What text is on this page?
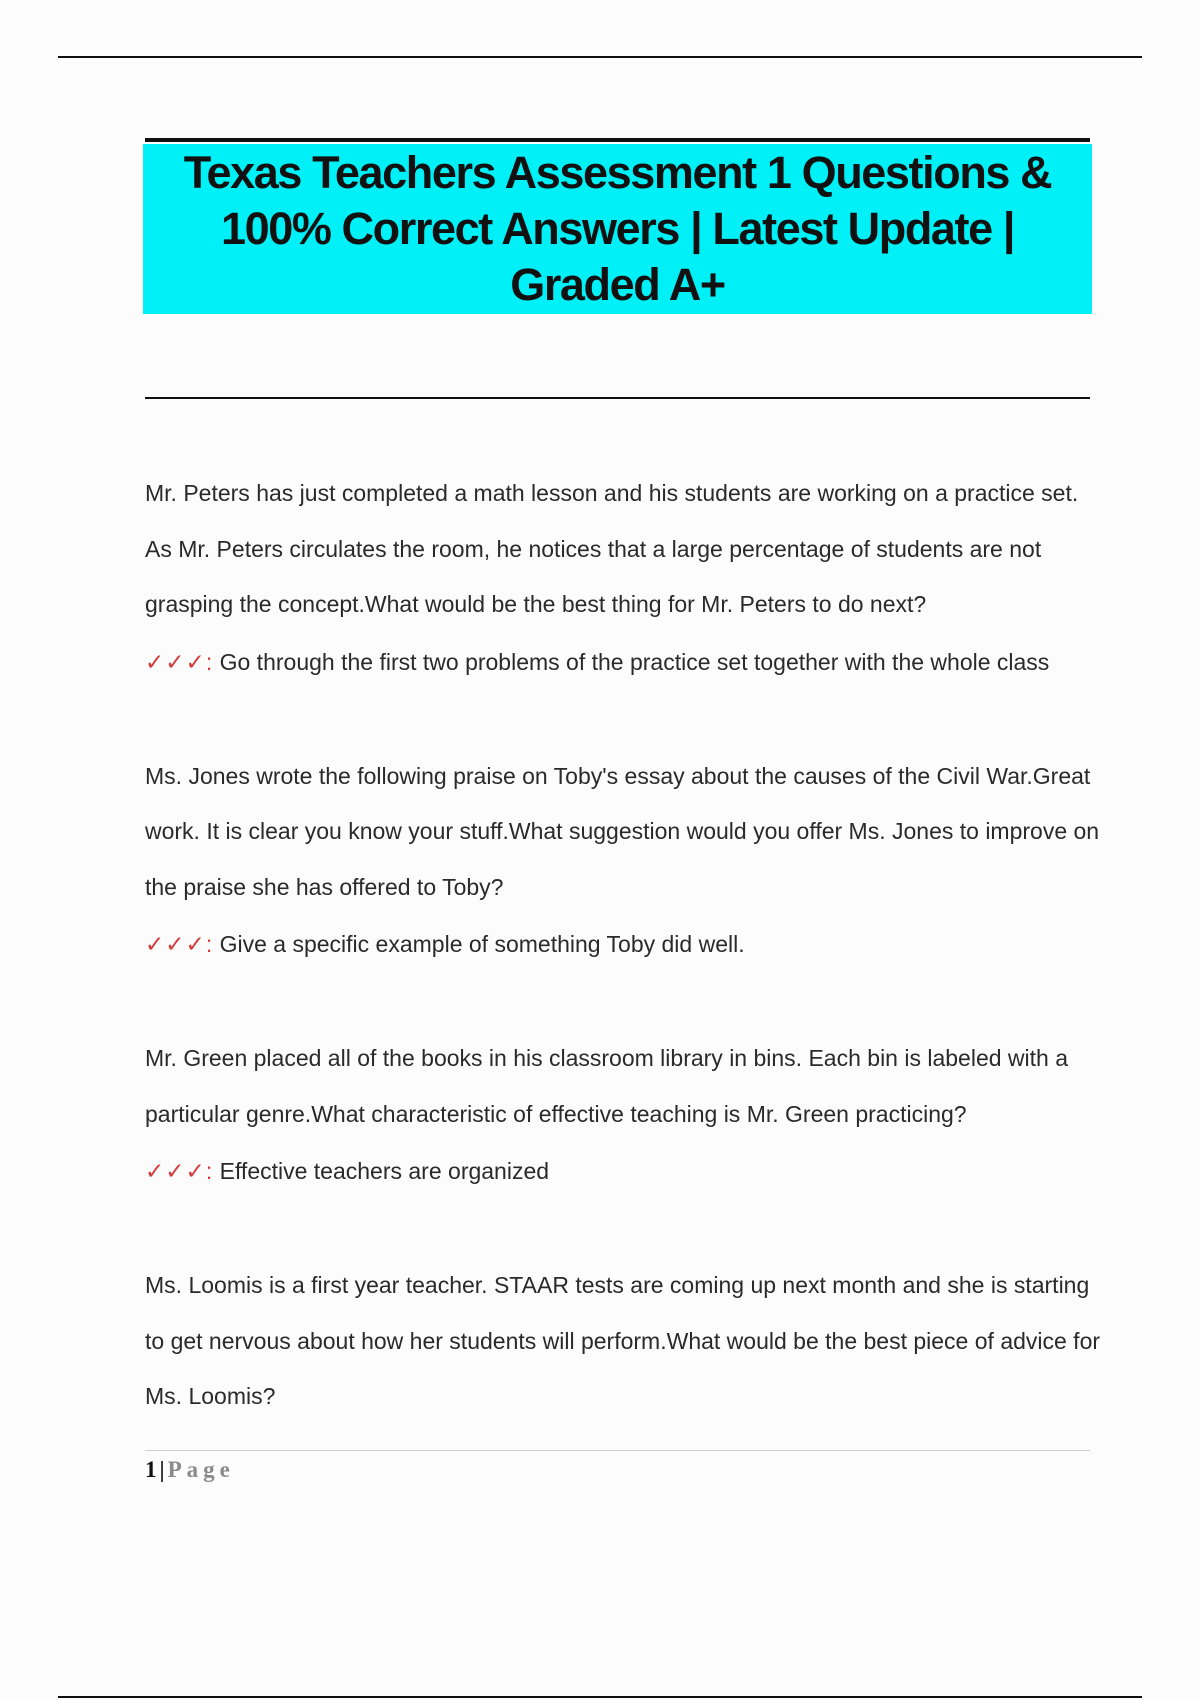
Texas Teachers Assessment 1 Questions & 100% Correct Answers | Latest Update | Graded A+

Mr. Peters has just completed a math lesson and his students are working on a practice set. As Mr. Peters circulates the room, he notices that a large percentage of students are not grasping the concept.What would be the best thing for Mr. Peters to do next?

✓✓✓: Go through the first two problems of the practice set together with the whole class

Ms. Jones wrote the following praise on Toby's essay about the causes of the Civil War.Great work. It is clear you know your stuff.What suggestion would you offer Ms. Jones to improve on the praise she has offered to Toby?

✓✓✓: Give a specific example of something Toby did well.

Mr. Green placed all of the books in his classroom library in bins. Each bin is labeled with a particular genre.What characteristic of effective teaching is Mr. Green practicing?

✓✓✓: Effective teachers are organized

Ms. Loomis is a first year teacher. STAAR tests are coming up next month and she is starting to get nervous about how her students will perform.What would be the best piece of advice for Ms. Loomis?

1 | Page
